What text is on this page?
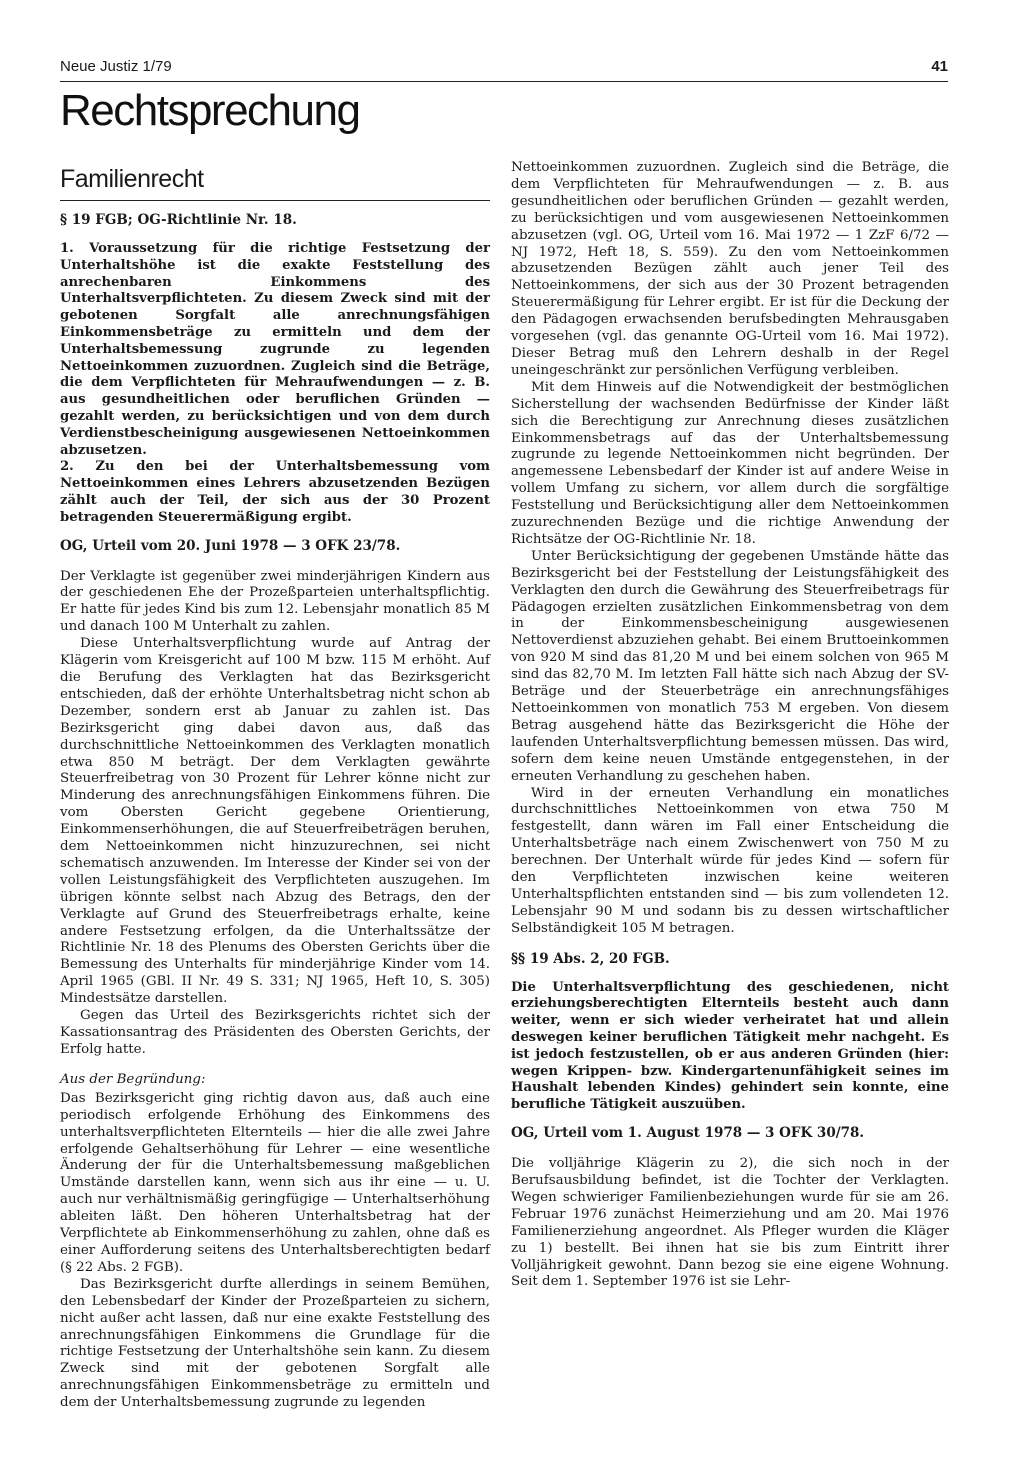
Neue Justiz 1/79	41
Rechtsprechung
Familienrecht
§ 19 FGB; OG-Richtlinie Nr. 18.

1. Voraussetzung für die richtige Festsetzung der Unterhaltshöhe ist die exakte Feststellung des anrechenbaren Einkommens des Unterhaltsverpflichteten. Zu diesem Zweck sind mit der gebotenen Sorgfalt alle anrechnungsfähigen Einkommensbeträge zu ermitteln und dem der Unterhaltsbemessung zugrunde zu legenden Nettoeinkommen zuzuordnen. Zugleich sind die Beträge, die dem Verpflichteten für Mehraufwendungen — z. B. aus gesundheitlichen oder beruflichen Gründen — gezahlt werden, zu berücksichtigen und von dem durch Verdienstbescheinigung ausgewiesenen Nettoeinkommen abzusetzen.

2. Zu den bei der Unterhaltsbemessung vom Nettoeinkommen eines Lehrers abzusetzenden Bezügen zählt auch der Teil, der sich aus der 30 Prozent betragenden Steuerermäßigung ergibt.

OG, Urteil vom 20. Juni 1978 — 3 OFK 23/78.

Der Verklagte ist gegenüber zwei minderjährigen Kindern aus der geschiedenen Ehe der Prozeßparteien unterhaltspflichtig. Er hatte für jedes Kind bis zum 12. Lebensjahr monatlich 85 M und danach 100 M Unterhalt zu zahlen.

Diese Unterhaltsverpflichtung wurde auf Antrag der Klägerin vom Kreisgericht auf 100 M bzw. 115 M erhöht. Auf die Berufung des Verklagten hat das Bezirksgericht entschieden, daß der erhöhte Unterhaltsbetrag nicht schon ab Dezember, sondern erst ab Januar zu zahlen ist. Das Bezirksgericht ging dabei davon aus, daß das durchschnittliche Nettoeinkommen des Verklagten monatlich etwa 850 M beträgt. Der dem Verklagten gewährte Steuerfreibetrag von 30 Prozent für Lehrer könne nicht zur Minderung des anrechnungsfähigen Einkommens führen. Die vom Obersten Gericht gegebene Orientierung, Einkommenserhöhungen, die auf Steuerfreibeträgen beruhen, dem Nettoeinkommen nicht hinzuzurechnen, sei nicht schematisch anzuwenden. Im Interesse der Kinder sei von der vollen Leistungsfähigkeit des Verpflichteten auszugehen. Im übrigen könnte selbst nach Abzug des Betrags, den der Verklagte auf Grund des Steuerfreibetrags erhalte, keine andere Festsetzung erfolgen, da die Unterhaltssätze der Richtlinie Nr. 18 des Plenums des Obersten Gerichts über die Bemessung des Unterhalts für minderjährige Kinder vom 14. April 1965 (GBl. II Nr. 49 S. 331; NJ 1965, Heft 10, S. 305) Mindestsätze darstellen.

Gegen das Urteil des Bezirksgerichts richtet sich der Kassationsantrag des Präsidenten des Obersten Gerichts, der Erfolg hatte.

Aus der Begründung:

Das Bezirksgericht ging richtig davon aus, daß auch eine periodisch erfolgende Erhöhung des Einkommens des unterhaltsverpflichteten Elternteils — hier die alle zwei Jahre erfolgende Gehaltserhöhung für Lehrer — eine wesentliche Änderung der für die Unterhaltsbemessung maßgeblichen Umstände darstellen kann, wenn sich aus ihr eine — u. U. auch nur verhältnismäßig geringfügige — Unterhaltserhöhung ableiten läßt. Den höheren Unterhaltsbetrag hat der Verpflichtete ab Einkommenserhöhung zu zahlen, ohne daß es einer Aufforderung seitens des Unterhaltsberechtigten bedarf (§ 22 Abs. 2 FGB).

Das Bezirksgericht durfte allerdings in seinem Bemühen, den Lebensbedarf der Kinder der Prozeßparteien zu sichern, nicht außer acht lassen, daß nur eine exakte Feststellung des anrechnungsfähigen Einkommens die Grundlage für die richtige Festsetzung der Unterhaltshöhe sein kann. Zu diesem Zweck sind mit der gebotenen Sorgfalt alle anrechnungsfähigen Einkommensbeträge zu ermitteln und dem der Unterhaltsbemessung zugrunde zu legenden

Nettoeinkommen zuzuordnen. Zugleich sind die Beträge, die dem Verpflichteten für Mehraufwendungen — z. B. aus gesundheitlichen oder beruflichen Gründen — gezahlt werden, zu berücksichtigen und vom ausgewiesenen Nettoeinkommen abzusetzen (vgl. OG, Urteil vom 16. Mai 1972 — 1 ZzF 6/72 — NJ 1972, Heft 18, S. 559). Zu den vom Nettoeinkommen abzusetzenden Bezügen zählt auch jener Teil des Nettoeinkommens, der sich aus der 30 Prozent betragenden Steuerermäßigung für Lehrer ergibt. Er ist für die Deckung der den Pädagogen erwachsenden berufsbedingten Mehrausgaben vorgesehen (vgl. das genannte OG-Urteil vom 16. Mai 1972). Dieser Betrag muß den Lehrern deshalb in der Regel uneingeschränkt zur persönlichen Verfügung verbleiben.

Mit dem Hinweis auf die Notwendigkeit der bestmöglichen Sicherstellung der wachsenden Bedürfnisse der Kinder läßt sich die Berechtigung zur Anrechnung dieses zusätzlichen Einkommensbetrags auf das der Unterhaltsbemessung zugrunde zu legende Nettoeinkommen nicht begründen. Der angemessene Lebensbedarf der Kinder ist auf andere Weise in vollem Umfang zu sichern, vor allem durch die sorgfältige Feststellung und Berücksichtigung aller dem Nettoeinkommen zuzurechnenden Bezüge und die richtige Anwendung der Richtsätze der OG-Richtlinie Nr. 18.

Unter Berücksichtigung der gegebenen Umstände hätte das Bezirksgericht bei der Feststellung der Leistungsfähigkeit des Verklagten den durch die Gewährung des Steuerfreibetrags für Pädagogen erzielten zusätzlichen Einkommensbetrag von dem in der Einkommensbescheinigung ausgewiesenen Nettoverdienst abzuziehen gehabt. Bei einem Bruttoeinkommen von 920 M sind das 81,20 M und bei einem solchen von 965 M sind das 82,70 M. Im letzten Fall hätte sich nach Abzug der SV-Beträge und der Steuerbeträge ein anrechnungsfähiges Nettoeinkommen von monatlich 753 M ergeben. Von diesem Betrag ausgehend hätte das Bezirksgericht die Höhe der laufenden Unterhaltsverpflichtung bemessen müssen. Das wird, sofern dem keine neuen Umstände entgegenstehen, in der erneuten Verhandlung zu geschehen haben.

Wird in der erneuten Verhandlung ein monatliches durchschnittliches Nettoeinkommen von etwa 750 M festgestellt, dann wären im Fall einer Entscheidung die Unterhaltsbeträge nach einem Zwischenwert von 750 M zu berechnen. Der Unterhalt würde für jedes Kind — sofern für den Verpflichteten inzwischen keine weiteren Unterhaltspflichten entstanden sind — bis zum vollendeten 12. Lebensjahr 90 M und sodann bis zu dessen wirtschaftlicher Selbständigkeit 105 M betragen.

§§ 19 Abs. 2, 20 FGB.

Die Unterhaltsverpflichtung des geschiedenen, nicht erziehungsberechtigten Elternteils besteht auch dann weiter, wenn er sich wieder verheiratet hat und allein deswegen keiner beruflichen Tätigkeit mehr nachgeht. Es ist jedoch festzustellen, ob er aus anderen Gründen (hier: wegen Krippen- bzw. Kindergartenunfähigkeit seines im Haushalt lebenden Kindes) gehindert sein konnte, eine berufliche Tätigkeit auszuüben.

OG, Urteil vom 1. August 1978 — 3 OFK 30/78.

Die volljährige Klägerin zu 2), die sich noch in der Berufsausbildung befindet, ist die Tochter der Verklagten. Wegen schwieriger Familienbeziehungen wurde für sie am 26. Februar 1976 zunächst Heimerziehung und am 20. Mai 1976 Familienerziehung angeordnet. Als Pfleger wurden die Kläger zu 1) bestellt. Bei ihnen hat sie bis zum Eintritt ihrer Volljährigkeit gewohnt. Dann bezog sie eine eigene Wohnung. Seit dem 1. September 1976 ist sie Lehr-
